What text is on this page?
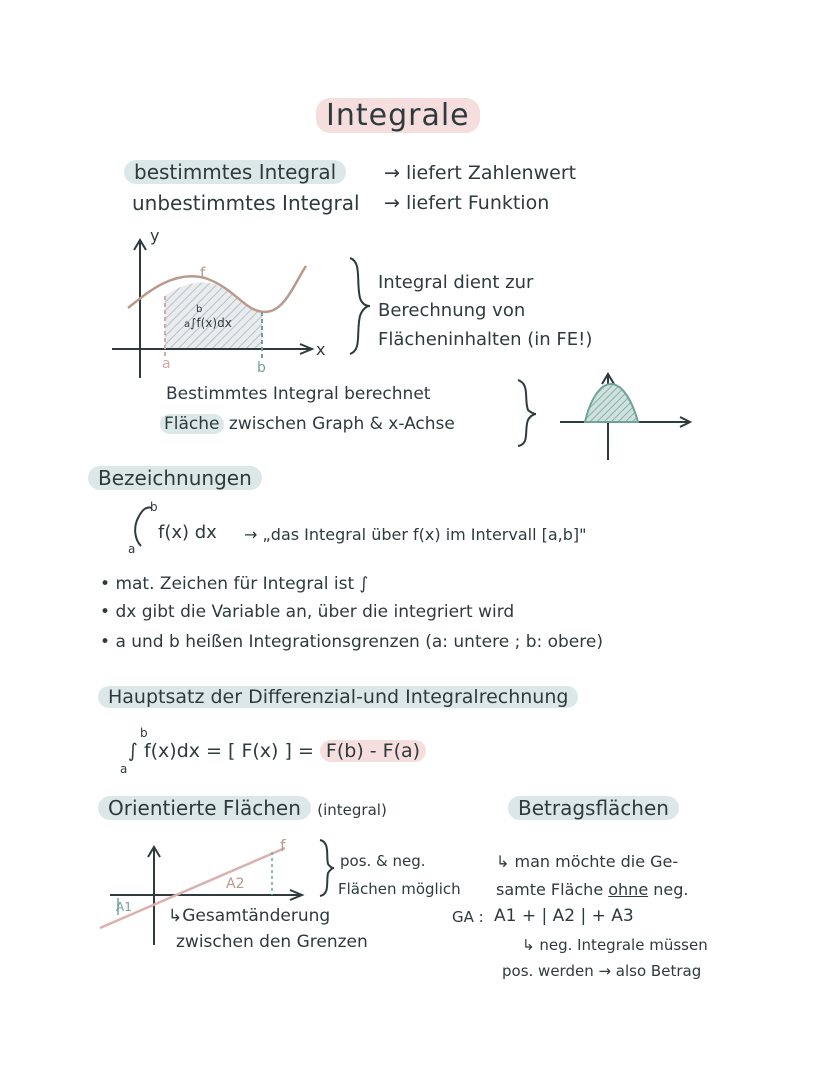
Integrale
bestimmtes Integral	→ liefert Zahlenwert
unbestimmtes Integral → liefert Funktion
y
x
f
a	b
a∫f(x)dx
b
Integral dient zur
Berechnung von
Flächeninhalten (in FE!)
Bestimmtes Integral berechnet
Fläche zwischen Graph & x-Achse
Bezeichnungen
b
a
f(x) dx → „das Integral über f(x) im Intervall [a,b]"
• mat. Zeichen für Integral ist ∫
• dx gibt die Variable an, über die integriert wird
• a und b heißen Integrationsgrenzen (a: untere ; b: obere)
Hauptsatz der Differenzial-und Integralrechnung
b
a
∫ f(x)dx = [ F(x) ] = F(b) - F(a)
Orientierte Flächen (integral)
A2
A1
f
pos. & neg.
Flächen möglich
↳Gesamtänderung
zwischen den Grenzen
Betragsflächen
↳ man möchte die Ge-
samte Fläche ohne neg.
GA : A1 + | A2 | + A3
↳ neg. Integrale müssen
pos. werden → also Betrag
